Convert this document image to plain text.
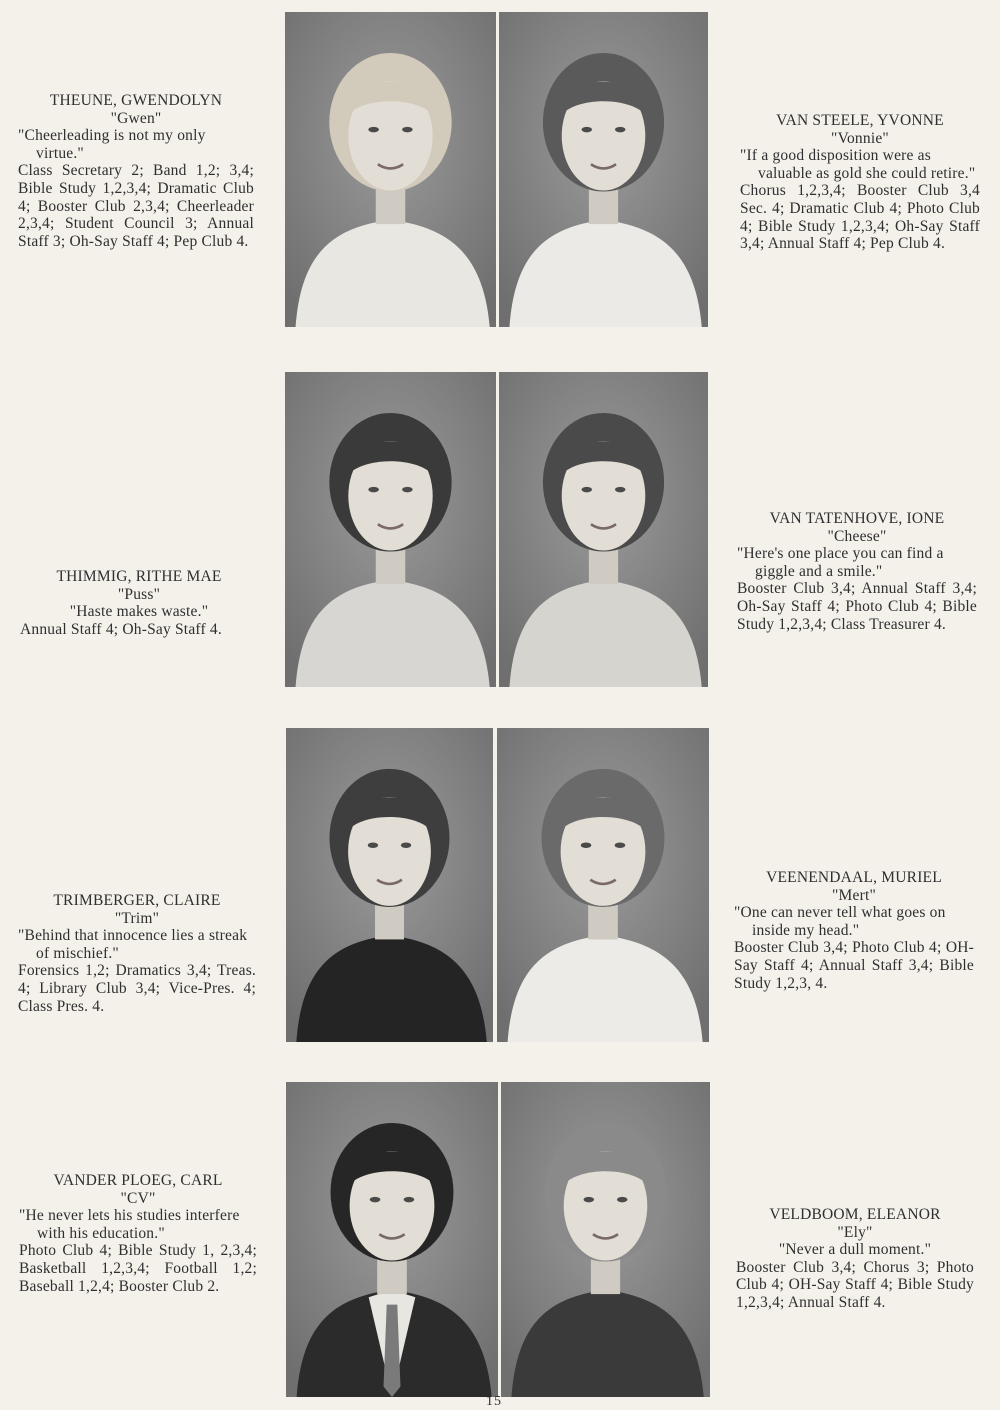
THEUNE, GWENDOLYN
"Gwen"
"Cheerleading is not my only virtue."
Class Secretary 2; Band 1,2; 3,4; Bible Study 1,2,3,4; Dramatic Club 4; Booster Club 2,3,4; Cheerleader 2,3,4; Student Council 3; Annual Staff 3; Oh-Say Staff 4; Pep Club 4.
VAN STEELE, YVONNE
"Vonnie"
"If a good disposition were as valuable as gold she could retire."
Chorus 1,2,3,4; Booster Club 3,4 Sec. 4; Dramatic Club 4; Photo Club 4; Bible Study 1,2,3,4; Oh-Say Staff 3,4; Annual Staff 4; Pep Club 4.
THIMMIG, RITHE MAE
"Puss"
"Haste makes waste."
Annual Staff 4; Oh-Say Staff 4.
VAN TATENHOVE, IONE
"Cheese"
"Here's one place you can find a giggle and a smile."
Booster Club 3,4; Annual Staff 3,4; Oh-Say Staff 4; Photo Club 4; Bible Study 1,2,3,4; Class Treasurer 4.
TRIMBERGER, CLAIRE
"Trim"
"Behind that innocence lies a streak of mischief."
Forensics 1,2; Dramatics 3,4; Treas. 4; Library Club 3,4; Vice-Pres. 4; Class Pres. 4.
VEENENDAAL, MURIEL
"Mert"
"One can never tell what goes on inside my head."
Booster Club 3,4; Photo Club 4; OH-Say Staff 4; Annual Staff 3,4; Bible Study 1,2,3, 4.
VANDER PLOEG, CARL
"CV"
"He never lets his studies interfere with his education."
Photo Club 4; Bible Study 1, 2,3,4; Basketball 1,2,3,4; Football 1,2; Baseball 1,2,4; Booster Club 2.
VELDBOOM, ELEANOR
"Ely"
"Never a dull moment."
Booster Club 3,4; Chorus 3; Photo Club 4; OH-Say Staff 4; Bible Study 1,2,3,4; Annual Staff 4.
15
